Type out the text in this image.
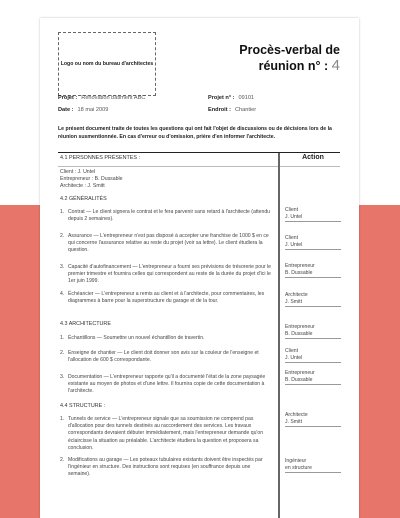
Logo ou nom du bureau d'architectes
Procès-verbal de
réunion n° : 4
Projet : Rénovation bâtiment ABC	Projet n° : 09101
Date : 18 mai 2009	Endroit : Chantier
Le présent document traite de toutes les questions qui ont fait l'objet de discussions ou de décisions lors de la réunion susmentionnée. En cas d'erreur ou d'omission, prière d'en informer l'architecte.
Action
4.1 PERSONNES PRÉSENTES :
Client : J. Untel
Entrepreneur : B. Dussable
Architecte : J. Smitt
4.2 GÉNÉRALITÉS
1. Contrat — Le client signera le contrat et le fera parvenir sans retard à l'architecte (attendu depuis 2 semaines).
Client

J. Untel
2. Assurance — L'entrepreneur n'est pas disposé à accepter une franchise de 1000 $ en ce qui concerne l'assurance relative au reste du projet (voir sa lettre). Le client étudiera la question.
Client

J. Untel
3. Capacité d'autofinancement — L'entrepreneur a fourni ses prévisions de trésorerie pour le premier trimestre et fournira celles qui correspondent au reste de la durée du projet d'ici le 1er juin 1999.
Entrepreneur

B. Dussable
4. Échéancier — L'entrepreneur a remis au client et à l'architecte, pour commentaires, les diagrammes à barre pour la superstructure du garage et de la tour.
Architecte

J. Smitt
4.3 ARCHITECTURE
1. Échantillons — Soumettre un nouvel échantillon de travertin.
Entrepreneur

B. Dussable
2. Enseigne de chantier — Le client doit donner son avis sur la couleur de l'enseigne et l'allocation de 600 $ correspondante.
Client

J. Untel
3. Documentation — L'entrepreneur rapporte qu'il a documenté l'état de la zone paysagée existante au moyen de photos et d'une lettre. Il fournira copie de cette documentation à l'architecte.
Entrepreneur

B. Dussable
4.4 STRUCTURE :
1. Tunnels de service — L'entrepreneur signale que sa soumission ne comprend pas d'allocation pour des tunnels destinés au raccordement des services. Les travaux correspondants devraient débuter immédiatement, mais l'entrepreneur demande qu'on éclaircisse la situation au préalable. L'architecte étudiera la question et proposera sa conclusion.
Architecte

J. Smitt
2. Modifications au garage — Les poteaux tubulaires existants doivent être inspectés par l'ingénieur en structure. Des instructions sont requises (en souffrance depuis une semaine).
Ingénieur

en structure
